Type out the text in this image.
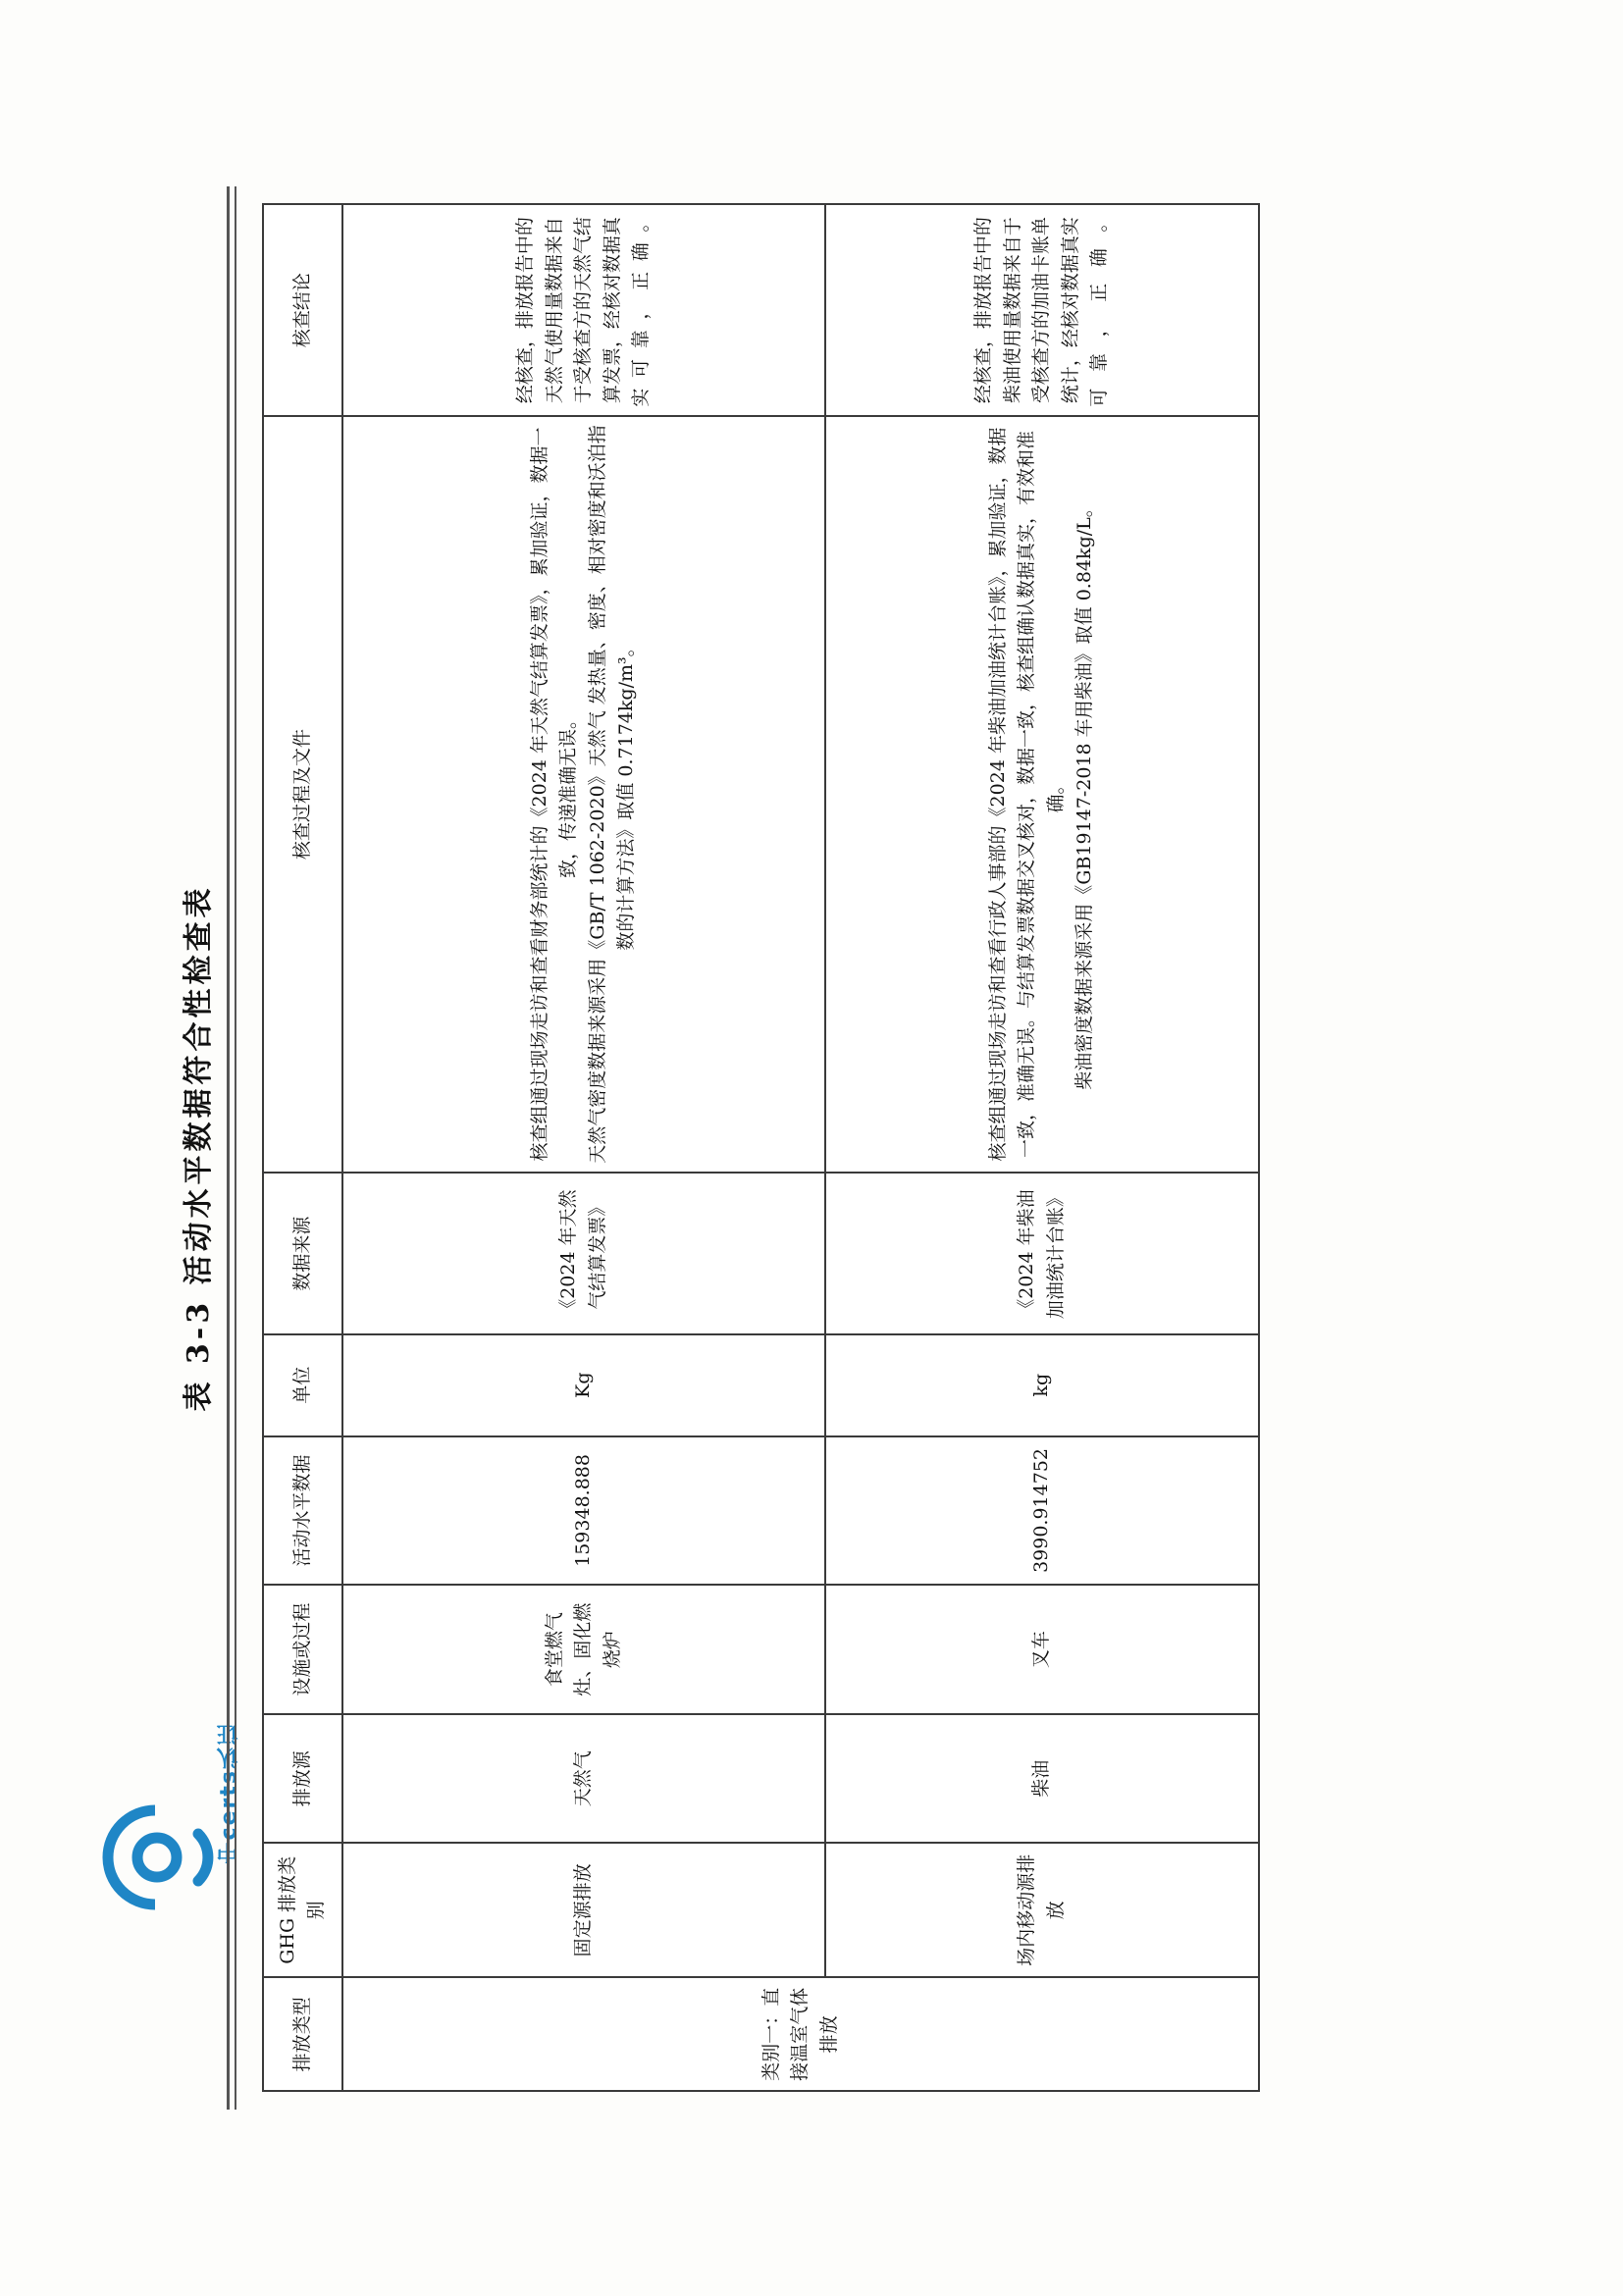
中certs认证
表 3-3 活动水平数据符合性检查表
排放类型	GHG 排放类别	排放源	设施或过程	活动水平数据	单位	数据来源	核查过程及文件	核查结论
类别一：直接温室气体排放	固定源排放	天然气	食堂燃气灶、固化燃烧炉	159348.888	Kg	《2024 年天然气结算发票》	核查组通过现场走访和查看财务部统计的《2024 年天然气结算发票》，累加验证，数据一致，传递准确无误。 天然气密度数据来源采用《GB/T 1062-2020》天然气 发热量、密度、相对密度和沃泊指数的计算方法》取值 0.7174kg/m³。	经核查，排放报告中的天然气使用量数据来自于受核查方的天然气结算发票，经核对数据真实可靠，正确。
	场内移动源排放	柴油	叉车	3990.914752	kg	《2024 年柴油加油统计台账》	核查组通过现场走访和查看行政人事部的《2024 年柴油加油统计台账》，累加验证，数据一致，准确无误。与结算发票数据交叉核对，数据一致，核查组确认数据真实，有效和准确。 柴油密度数据来源采用《GB19147-2018 车用柴油》取值 0.84kg/L。	经核查，排放报告中的柴油使用量数据来自于受核查方的加油卡账单统计，经核对数据真实可靠，正确。
